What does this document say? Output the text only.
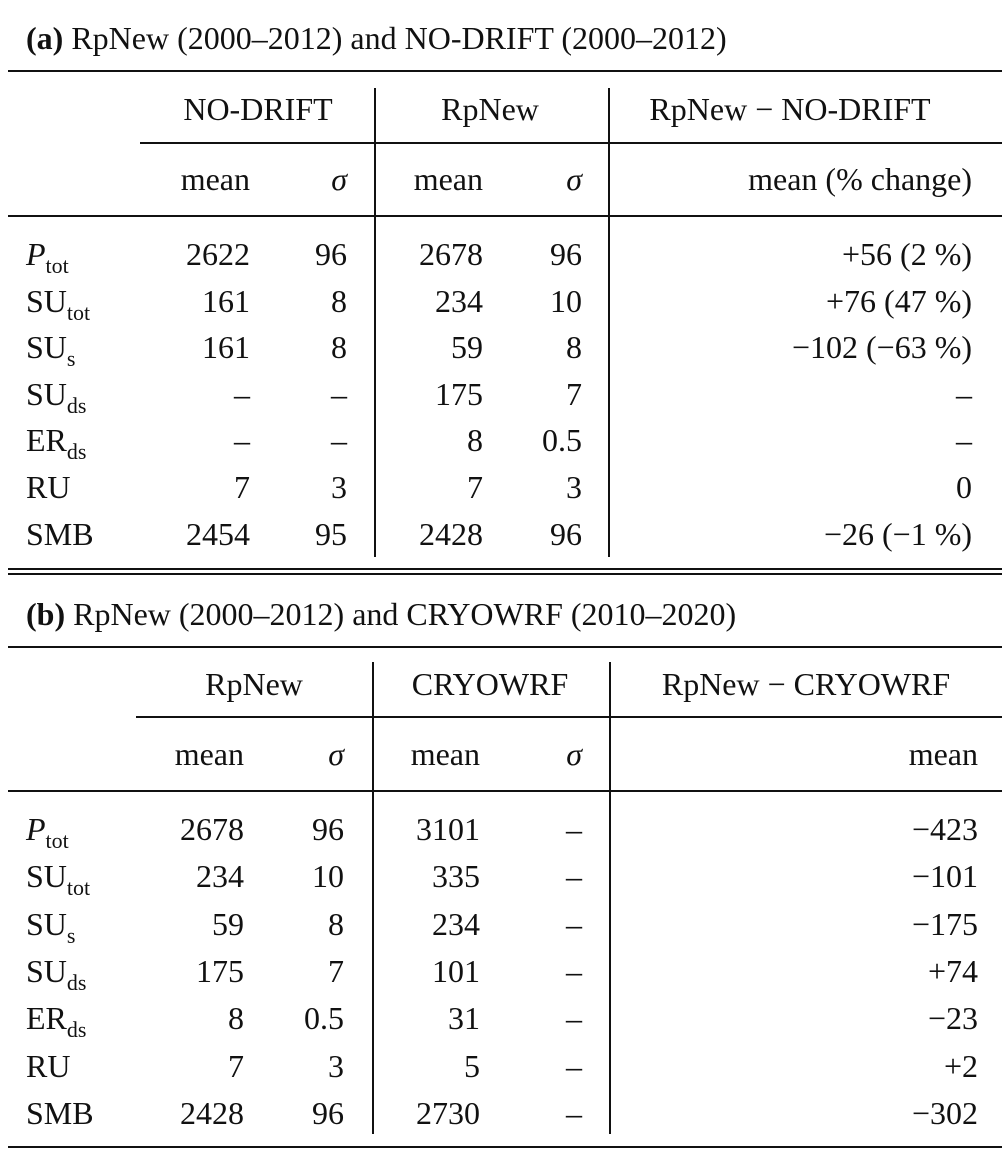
(a) RpNew (2000–2012) and NO-DRIFT (2000–2012)
NO-DRIFT	RpNew	RpNew − NO-DRIFT
mean	σ	mean	σ	mean (% change)
$P_{tot}$	2622	96	2678	96	+56 (2 %)
$SU_{tot}$	161	8	234	10	+76 (47 %)
$SU_s$	161	8	59	8	−102 (−63 %)
$SU_{ds}$	–	–	175	7	–
$ER_{ds}$	–	–	8	0.5	–
RU	7	3	7	3	0
SMB	2454	95	2428	96	−26 (−1 %)
(b) RpNew (2000–2012) and CRYOWRF (2010–2020)
RpNew	CRYOWRF	RpNew − CRYOWRF
mean	σ	mean	σ	mean
$P_{tot}$	2678	96	3101	–	−423
$SU_{tot}$	234	10	335	–	−101
$SU_s$	59	8	234	–	−175
$SU_{ds}$	175	7	101	–	+74
$ER_{ds}$	8	0.5	31	–	−23
RU	7	3	5	–	+2
SMB	2428	96	2730	–	−302
